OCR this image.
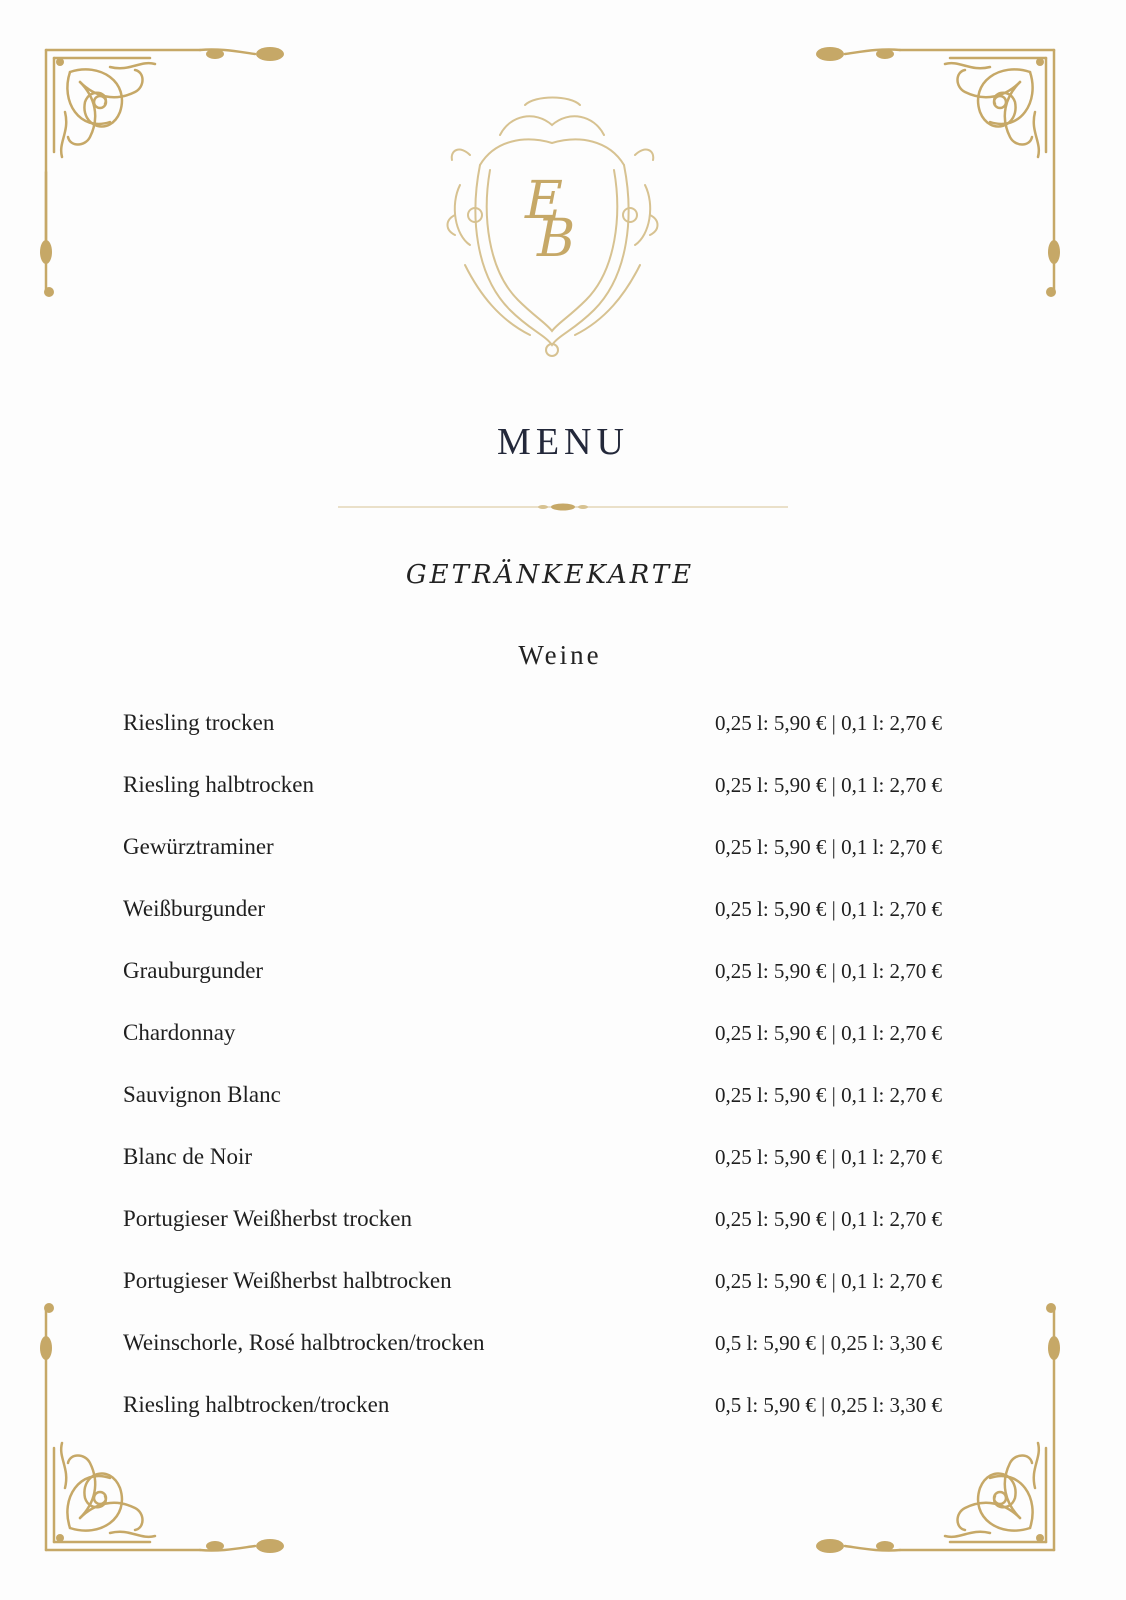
E
B
MENU
GETRÄNKEKARTE
Weine
Riesling trocken	0,25 l: 5,90 € | 0,1 l: 2,70 €
Riesling halbtrocken	0,25 l: 5,90 € | 0,1 l: 2,70 €
Gewürztraminer	0,25 l: 5,90 € | 0,1 l: 2,70 €
Weißburgunder	0,25 l: 5,90 € | 0,1 l: 2,70 €
Grauburgunder	0,25 l: 5,90 € | 0,1 l: 2,70 €
Chardonnay	0,25 l: 5,90 € | 0,1 l: 2,70 €
Sauvignon Blanc	0,25 l: 5,90 € | 0,1 l: 2,70 €
Blanc de Noir	0,25 l: 5,90 € | 0,1 l: 2,70 €
Portugieser Weißherbst trocken	0,25 l: 5,90 € | 0,1 l: 2,70 €
Portugieser Weißherbst halbtrocken	0,25 l: 5,90 € | 0,1 l: 2,70 €
Weinschorle, Rosé halbtrocken/trocken	0,5 l: 5,90 € | 0,25 l: 3,30 €
Riesling halbtrocken/trocken	0,5 l: 5,90 € | 0,25 l: 3,30 €
